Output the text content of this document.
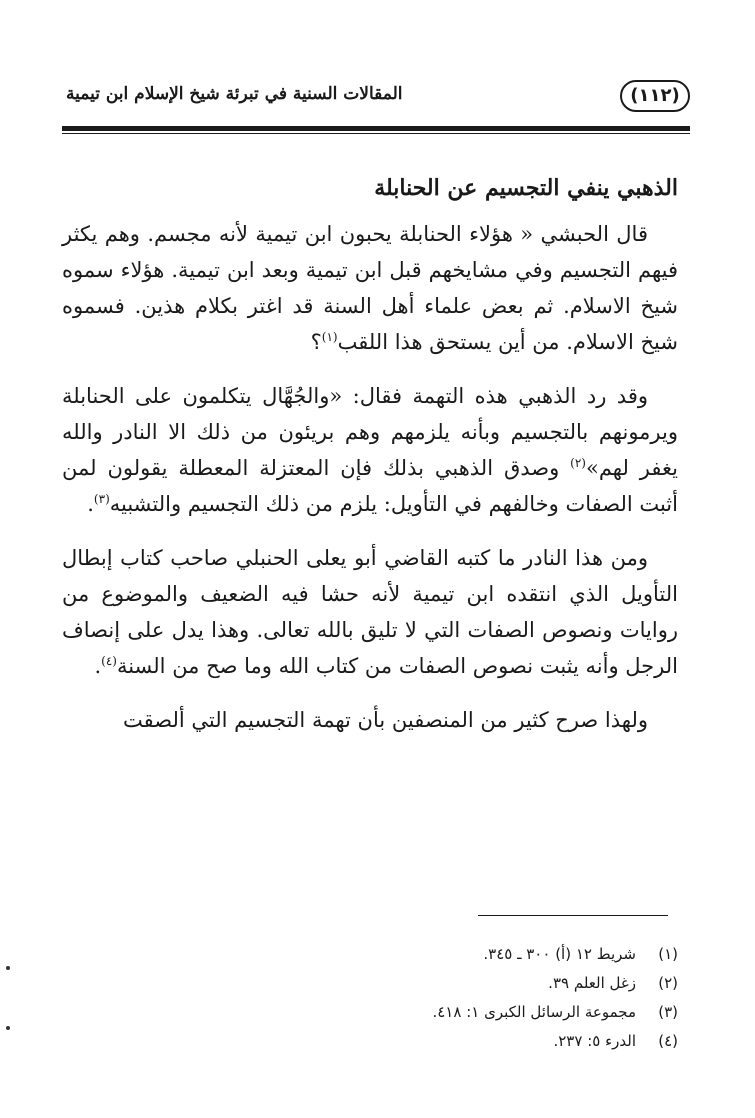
(١١٢)
المقالات السنية في تبرئة شيخ الإسلام ابن تيمية
الذهبي ينفي التجسيم عن الحنابلة

قال الحبشي « هؤلاء الحنابلة يحبون ابن تيمية لأنه مجسم. وهم يكثر فيهم التجسيم وفي مشايخهم قبل ابن تيمية وبعد ابن تيمية. هؤلاء سموه شيخ الاسلام. ثم بعض علماء أهل السنة قد اغتر بكلام هذين. فسموه شيخ الاسلام. من أين يستحق هذا اللقب$^{(١)}$؟

وقد رد الذهبي هذه التهمة فقال: «والجُهَّال يتكلمون على الحنابلة ويرمونهم بالتجسيم وبأنه يلزمهم وهم بريئون من ذلك الا النادر والله يغفر لهم»$^{(٢)}$ وصدق الذهبي بذلك فإن المعتزلة المعطلة يقولون لمن أثبت الصفات وخالفهم في التأويل: يلزم من ذلك التجسيم والتشبيه$^{(٣)}$.

ومن هذا النادر ما كتبه القاضي أبو يعلى الحنبلي صاحب كتاب إبطال التأويل الذي انتقده ابن تيمية لأنه حشا فيه الضعيف والموضوع من روايات ونصوص الصفات التي لا تليق بالله تعالى. وهذا يدل على إنصاف الرجل وأنه يثبت نصوص الصفات من كتاب الله وما صح من السنة$^{(٤)}$.

ولهذا صرح كثير من المنصفين بأن تهمة التجسيم التي ألصقت

(١)شريط ١٢ (أ) ٣٠٠ ـ ٣٤٥.
(٢)زغل العلم ٣٩.
(٣)مجموعة الرسائل الكبرى ١: ٤١٨.
(٤)الدرء ٥: ٢٣٧.
